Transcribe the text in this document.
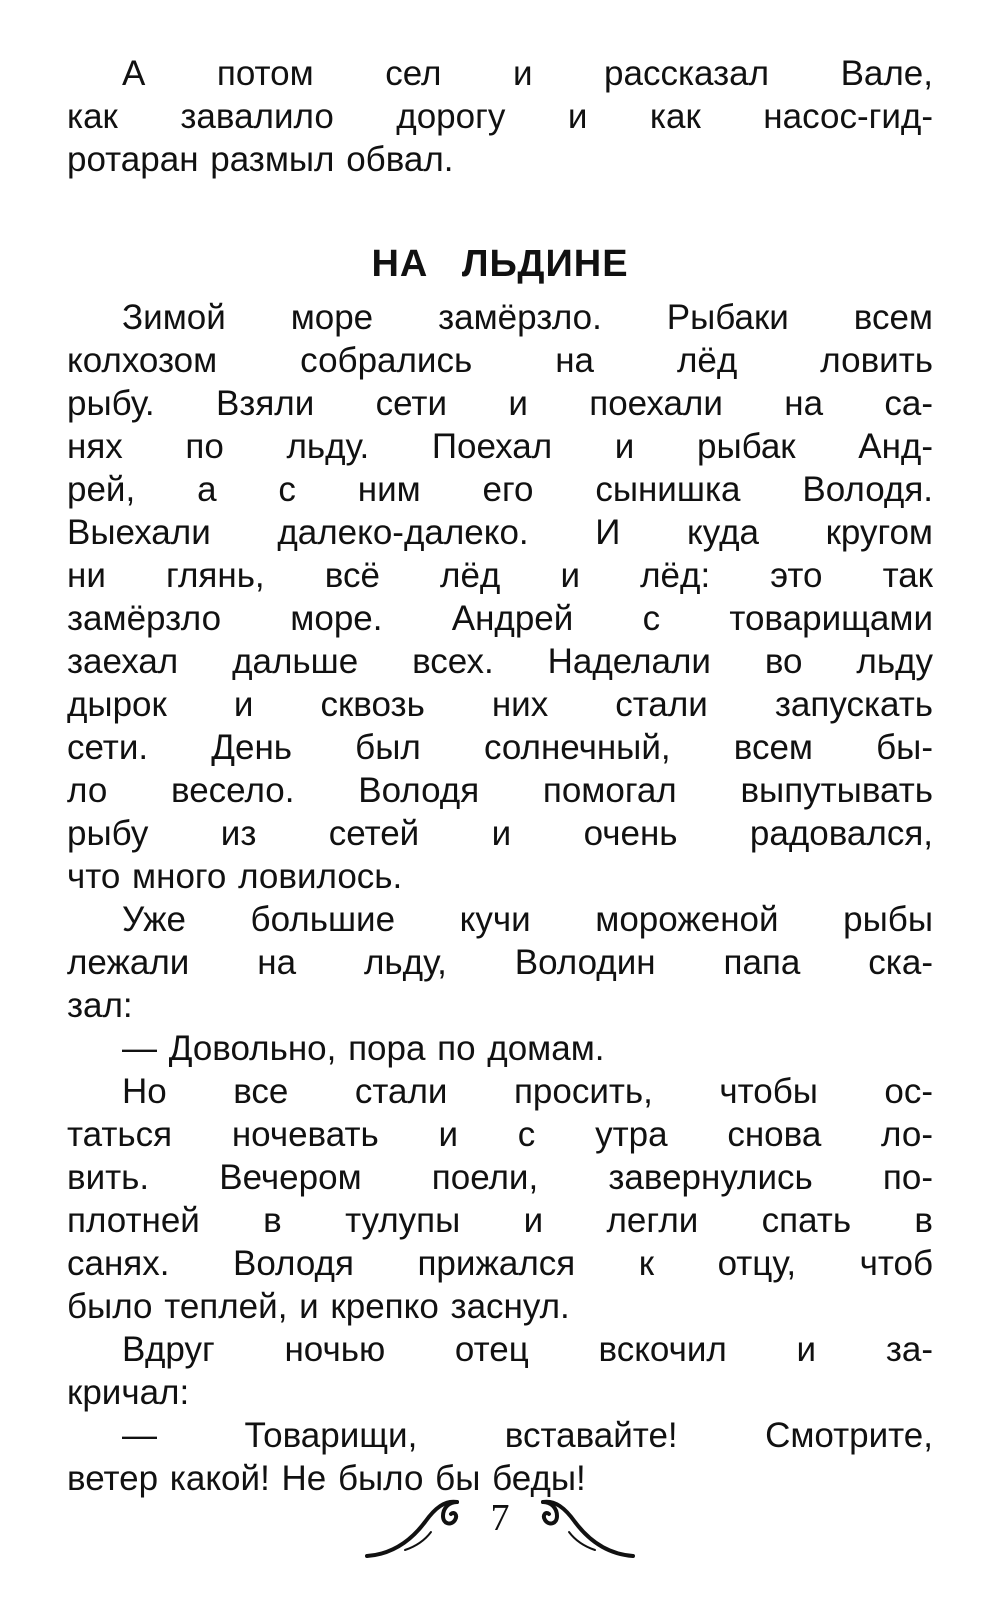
А потом сел и рассказал Вале,
как завалило дорогу и как насос-гид-
ротаран размыл обвал.

НА ЛЬДИНЕ

Зимой море замёрзло. Рыбаки всем
колхозом собрались на лёд ловить
рыбу. Взяли сети и поехали на са-
нях по льду. Поехал и рыбак Анд-
рей, а с ним его сынишка Володя.
Выехали далеко-далеко. И куда кругом
ни глянь, всё лёд и лёд: это так
замёрзло море. Андрей с товарищами
заехал дальше всех. Наделали во льду
дырок и сквозь них стали запускать
сети. День был солнечный, всем бы-
ло весело. Володя помогал выпутывать
рыбу из сетей и очень радовался,
что много ловилось.

Уже большие кучи мороженой рыбы
лежали на льду, Володин папа ска-
зал:

— Довольно, пора по домам.

Но все стали просить, чтобы ос-
таться ночевать и с утра снова ло-
вить. Вечером поели, завернулись по-
плотней в тулупы и легли спать в
санях. Володя прижался к отцу, чтоб
было теплей, и крепко заснул.

Вдруг ночью отец вскочил и за-
кричал:

— Товарищи, вставайте! Смотрите,
ветер какой! Не было бы беды!

7
